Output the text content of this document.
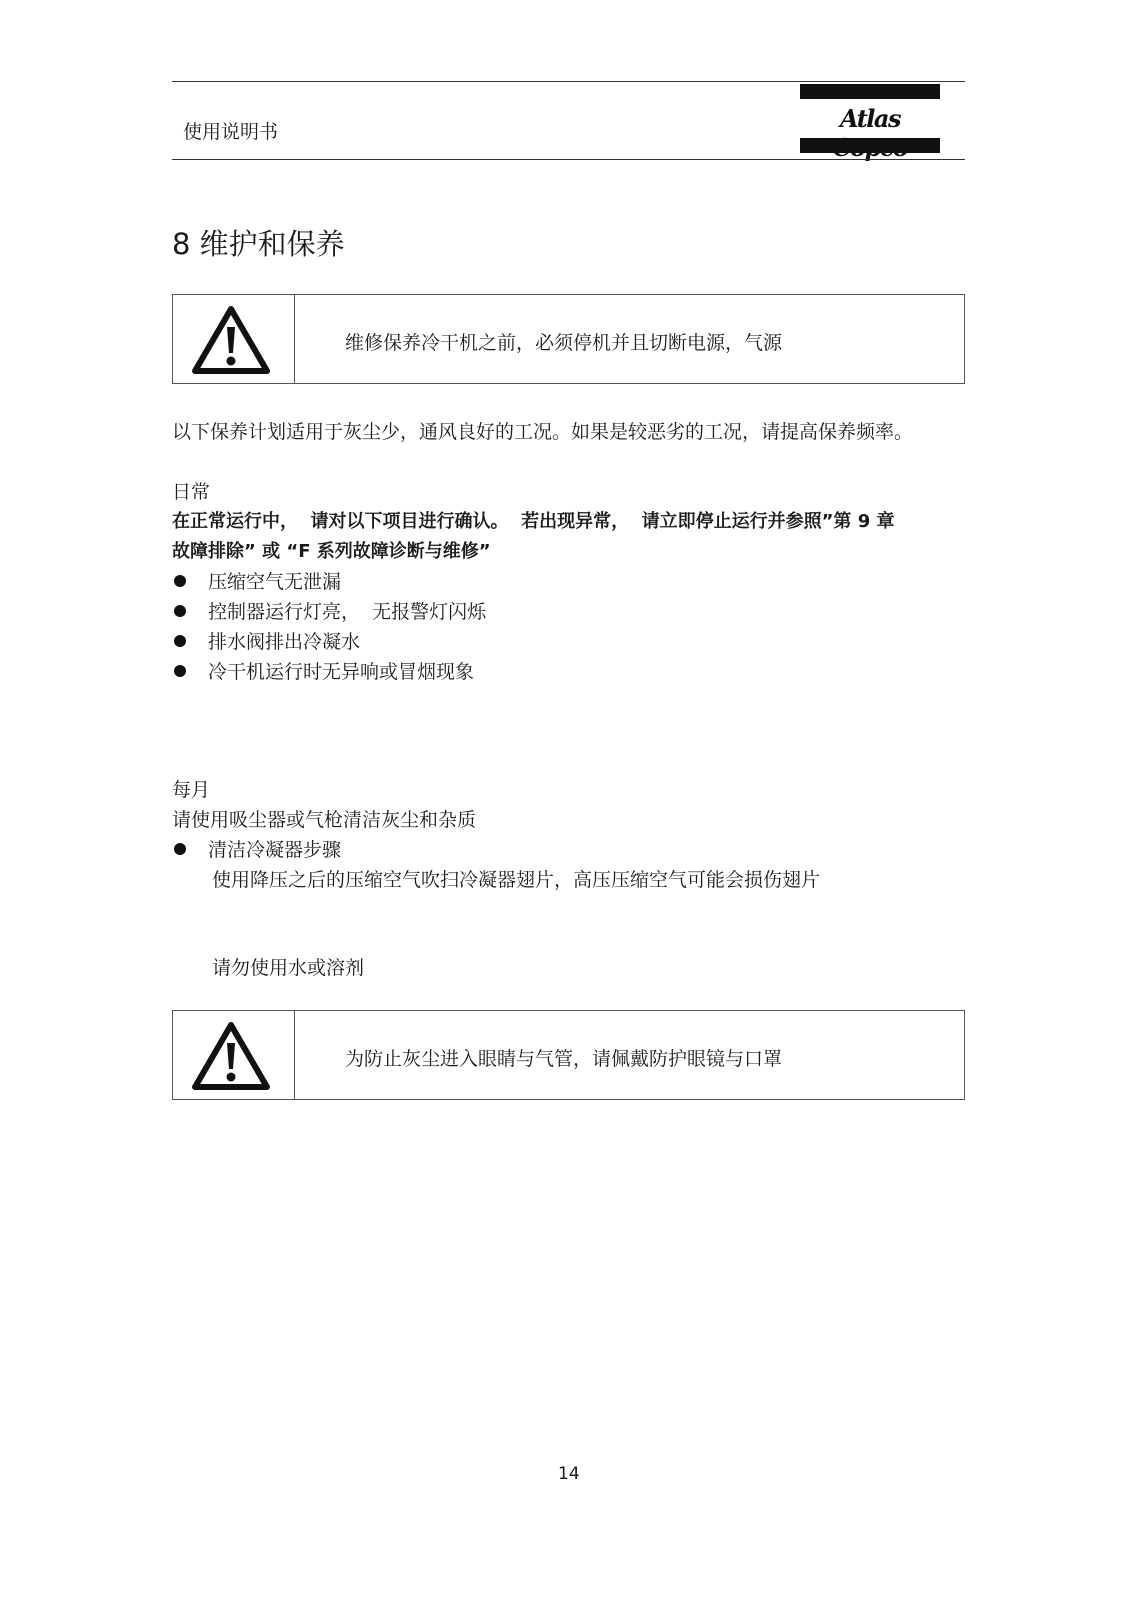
使用说明书	Atlas
8 维护和保养
维修保养冷干机之前，必须停机并且切断电源，气源
以下保养计划适用于灰尘少，通风良好的工况。如果是较恶劣的工况，请提高保养频率。
日常
在正常运行中，  请对以下项目进行确认。  若出现异常，  请立即停止运行并参照”第 9 章
故障排除” 或 “F 系列故障诊断与维修”
压缩空气无泄漏
控制器运行灯亮，  无报警灯闪烁
排水阀排出冷凝水
冷干机运行时无异响或冒烟现象
每月
请使用吸尘器或气枪清洁灰尘和杂质
清洁冷凝器步骤
使用降压之后的压缩空气吹扫冷凝器翅片，高压压缩空气可能会损伤翅片
请勿使用水或溶剂
为防止灰尘进入眼睛与气管，请佩戴防护眼镜与口罩
14
